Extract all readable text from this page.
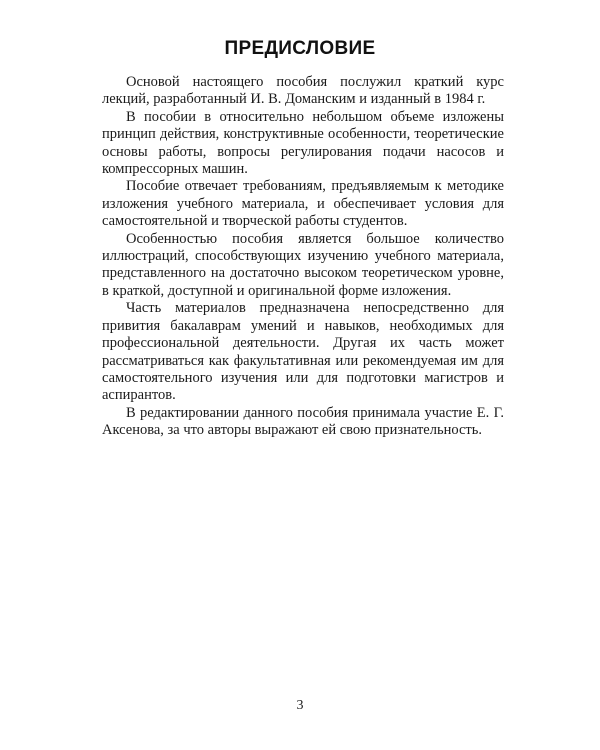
ПРЕДИСЛОВИЕ

Основой настоящего пособия послужил краткий курс лекций, разработанный И. В. Доманским и изданный в 1984 г.

В пособии в относительно небольшом объеме изложены принцип действия, конструктивные особенности, теоретические основы работы, вопросы регулирования подачи насосов и компрессорных машин.

Пособие отвечает требованиям, предъявляемым к методике изложения учебного материала, и обеспечивает условия для самостоятельной и творческой работы студентов.

Особенностью пособия является большое количество иллюстраций, способствующих изучению учебного материала, представленного на достаточно высоком теоретическом уровне, в краткой, доступной и оригинальной форме изложения.

Часть материалов предназначена непосредственно для привития бакалаврам умений и навыков, необходимых для профессиональной деятельности. Другая их часть может рассматриваться как факультативная или рекомендуемая им для самостоятельного изучения или для подготовки магистров и аспирантов.

В редактировании данного пособия принимала участие Е. Г. Аксенова, за что авторы выражают ей свою признательность.

3
